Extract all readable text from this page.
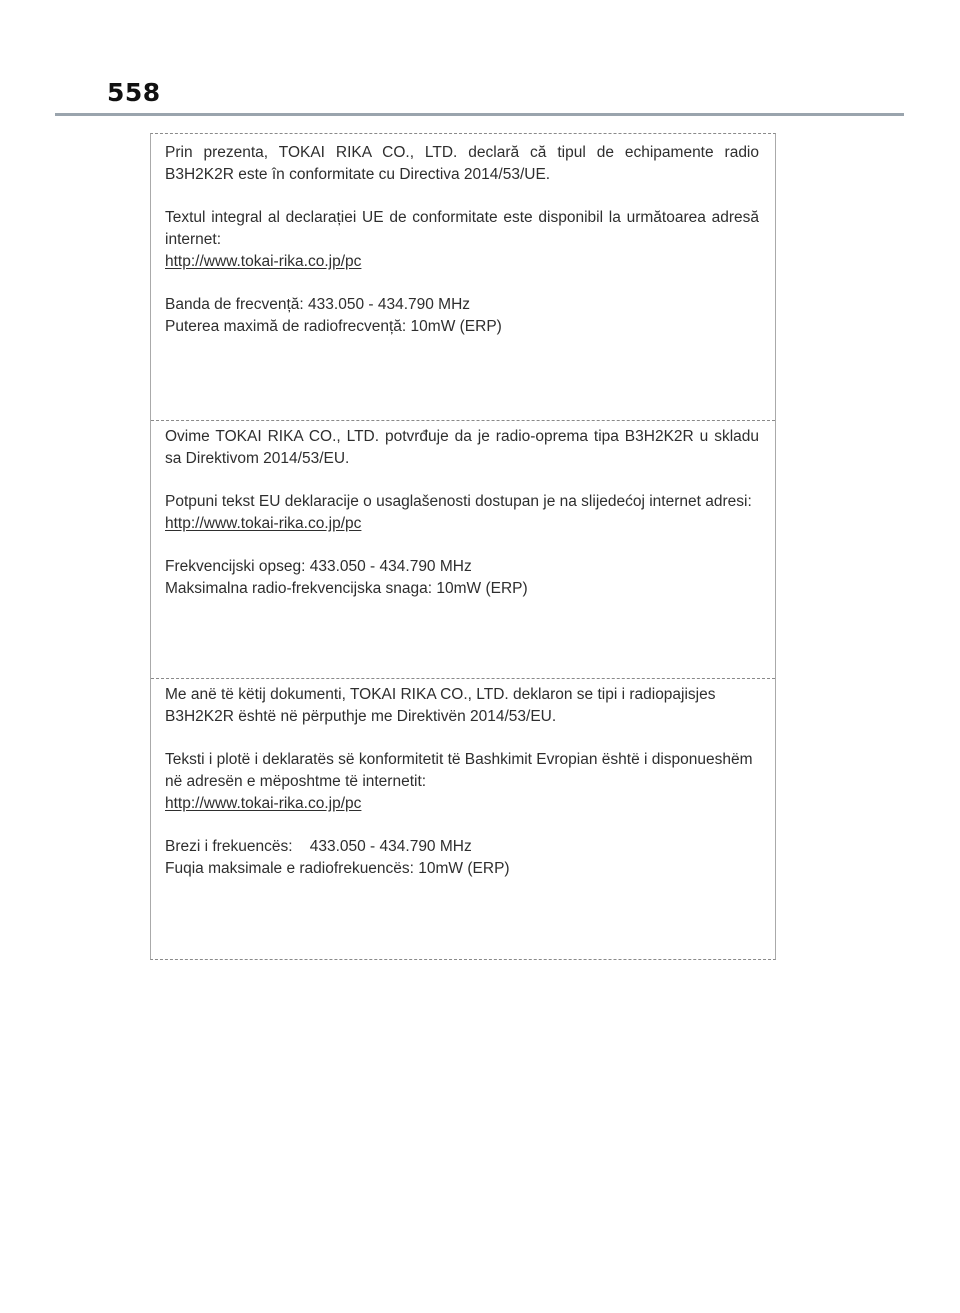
558

Prin prezenta, TOKAI RIKA CO., LTD. declară că tipul de echipamente radio B3H2K2R este în conformitate cu Directiva 2014/53/UE.

Textul integral al declarației UE de conformitate este disponibil la următoarea adresă internet:

http://www.tokai-rika.co.jp/pc

Banda de frecvență: 433.050 - 434.790 MHz

Puterea maximă de radiofrecvență: 10mW (ERP)

Ovime TOKAI RIKA CO., LTD. potvrđuje da je radio-oprema tipa B3H2K2R u skladu sa Direktivom 2014/53/EU.

Potpuni tekst EU deklaracije o usaglašenosti dostupan je na slijedećoj internet adresi:

http://www.tokai-rika.co.jp/pc

Frekvencijski opseg: 433.050 - 434.790 MHz

Maksimalna radio-frekvencijska snaga: 10mW (ERP)

Me anë të këtij dokumenti, TOKAI RIKA CO., LTD. deklaron se tipi i radiopajisjes B3H2K2R është në përputhje me Direktivën 2014/53/EU.

Teksti i plotë i deklaratës së konformitetit të Bashkimit Evropian është i disponueshëm në adresën e mëposhtme të internetit:

http://www.tokai-rika.co.jp/pc

Brezi i frekuencës:    433.050 - 434.790 MHz

Fuqia maksimale e radiofrekuencës: 10mW (ERP)
